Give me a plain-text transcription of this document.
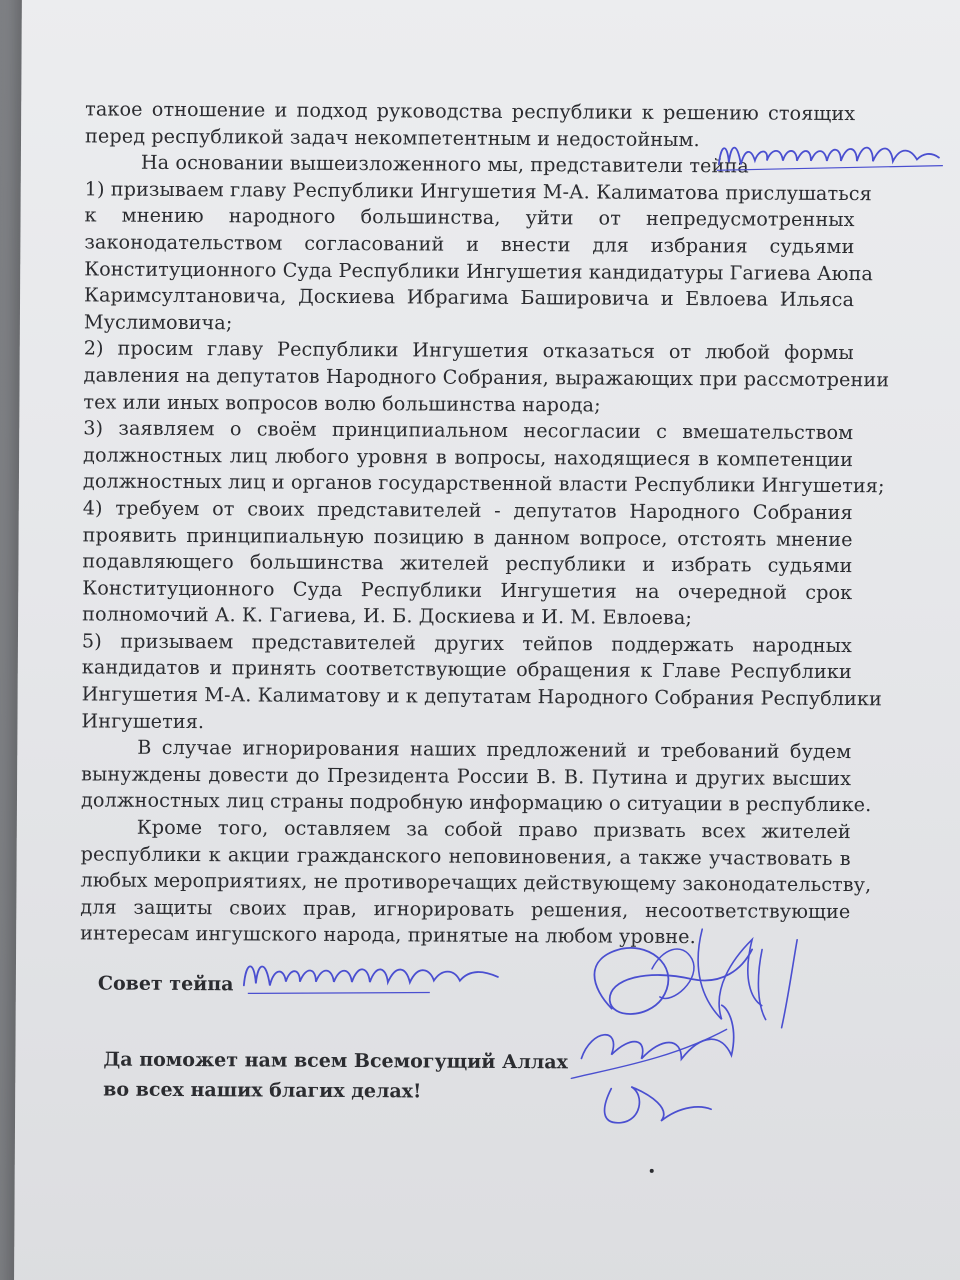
такое отношение и подход руководства республики к решению стоящих
перед республикой задач некомпетентным и недостойным.
На основании вышеизложенного мы, представители тейпа
1) призываем главу Республики Ингушетия М-А. Калиматова прислушаться
к мнению народного большинства, уйти от непредусмотренных
законодательством согласований и внести для избрания судьями
Конституционного Суда Республики Ингушетия кандидатуры Гагиева Аюпа
Каримсултановича, Доскиева Ибрагима Башировича и Евлоева Ильяса
Муслимовича;
2) просим главу Республики Ингушетия отказаться от любой формы
давления на депутатов Народного Собрания, выражающих при рассмотрении
тех или иных вопросов волю большинства народа;
3) заявляем о своём принципиальном несогласии с вмешательством
должностных лиц любого уровня в вопросы, находящиеся в компетенции
должностных лиц и органов государственной власти Республики Ингушетия;
4) требуем от своих представителей - депутатов Народного Собрания
проявить принципиальную позицию в данном вопросе, отстоять мнение
подавляющего большинства жителей республики и избрать судьями
Конституционного Суда Республики Ингушетия на очередной срок
полномочий А. К. Гагиева, И. Б. Доскиева и И. М. Евлоева;
5) призываем представителей других тейпов поддержать народных
кандидатов и принять соответствующие обращения к Главе Республики
Ингушетия М-А. Калиматову и к депутатам Народного Собрания Республики
Ингушетия.
В случае игнорирования наших предложений и требований будем
вынуждены довести до Президента России В. В. Путина и других высших
должностных лиц страны подробную информацию о ситуации в республике.
Кроме того, оставляем за собой право призвать всех жителей
республики к акции гражданского неповиновения, а также участвовать в
любых мероприятиях, не противоречащих действующему законодательству,
для защиты своих прав, игнорировать решения, несоответствующие
интересам ингушского народа, принятые на любом уровне.
Совет тейпа
Да поможет нам всем Всемогущий Аллах
во всех наших благих делах!
